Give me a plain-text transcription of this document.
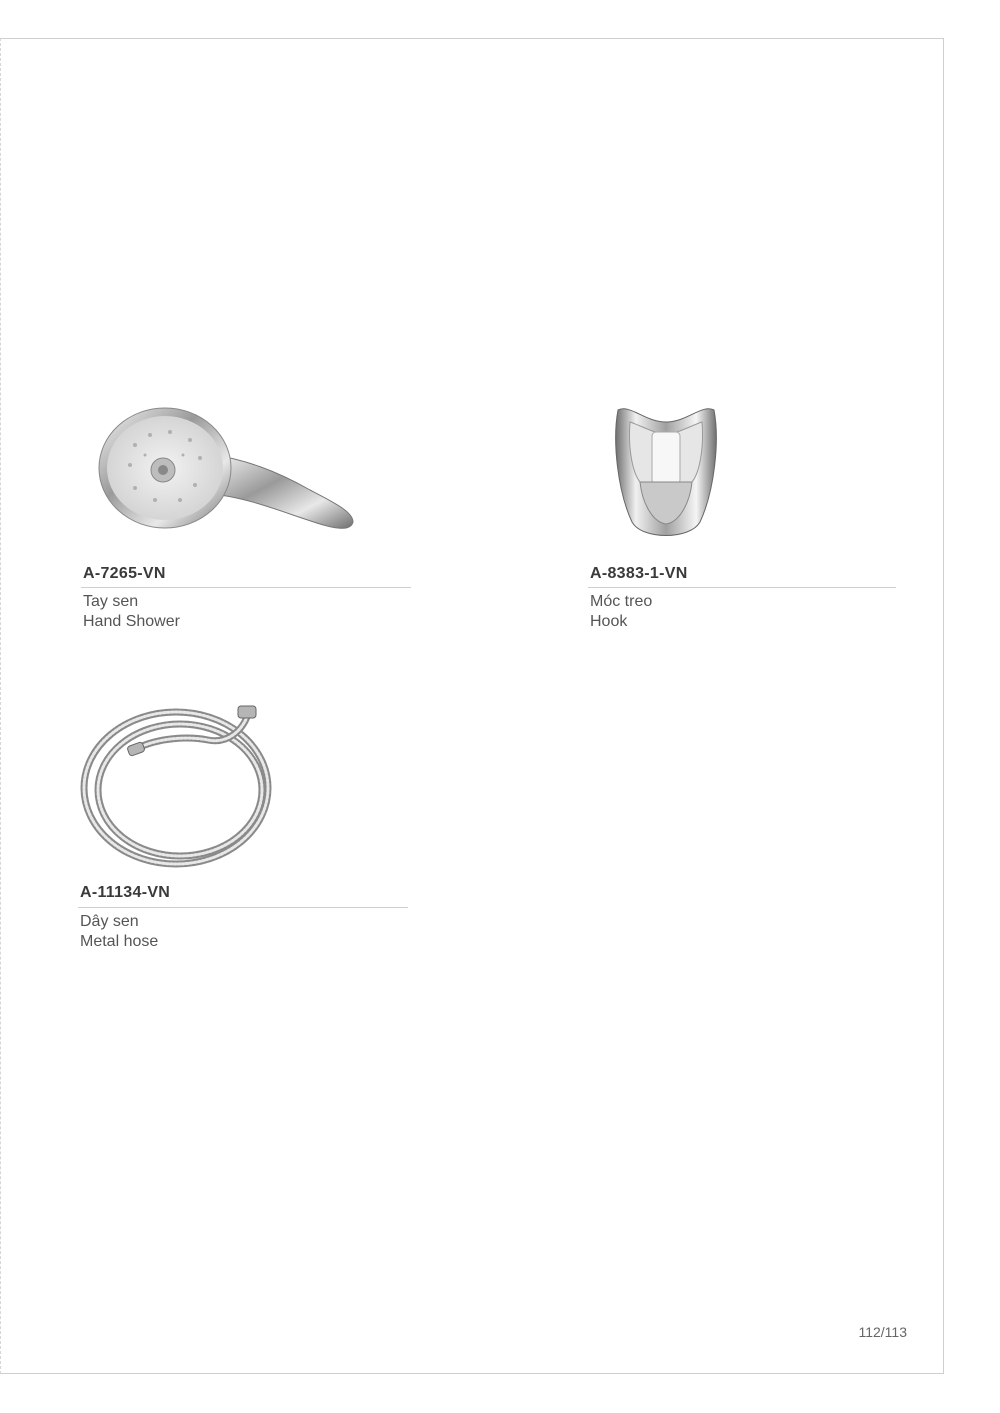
A-7265-VN
Tay sen
Hand Shower
A-8383-1-VN
Móc treo
Hook
A-11134-VN
Dây sen
Metal hose
112/113
